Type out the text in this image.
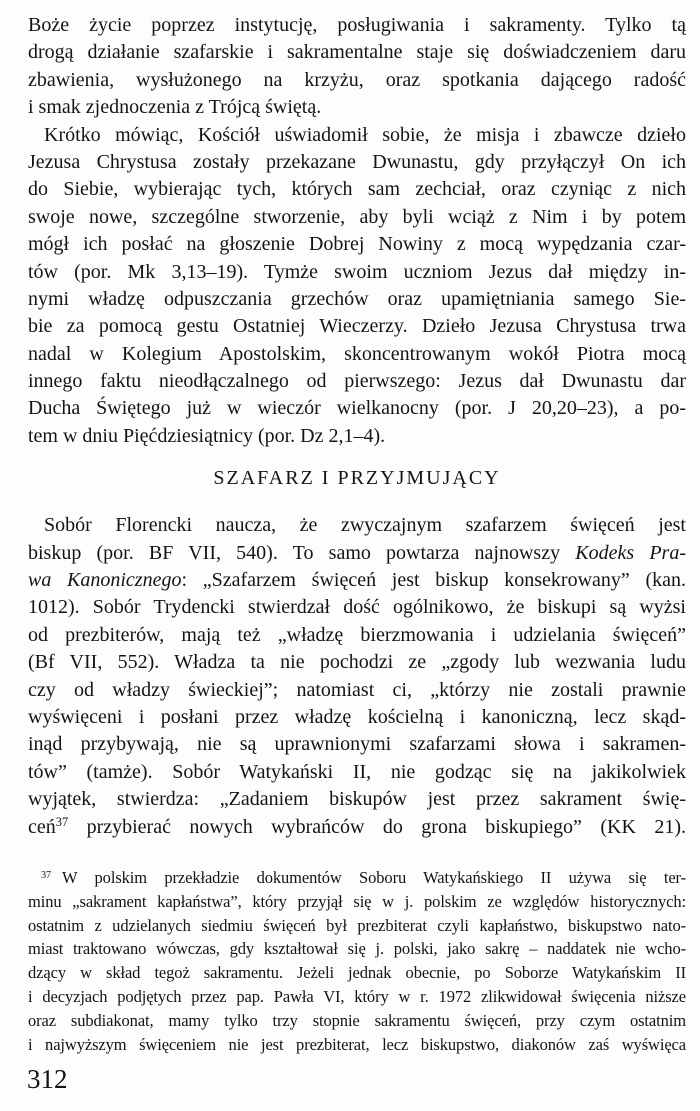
Boże życie poprzez instytucję, posługiwania i sakramenty. Tylko tą
drogą działanie szafarskie i sakramentalne staje się doświadczeniem daru
zbawienia, wysłużonego na krzyżu, oraz spotkania dającego radość
i smak zjednoczenia z Trójcą świętą.
Krótko mówiąc, Kościół uświadomił sobie, że misja i zbawcze dzieło
Jezusa Chrystusa zostały przekazane Dwunastu, gdy przyłączył On ich
do Siebie, wybierając tych, których sam zechciał, oraz czyniąc z nich
swoje nowe, szczególne stworzenie, aby byli wciąż z Nim i by potem
mógł ich posłać na głoszenie Dobrej Nowiny z mocą wypędzania czar-
tów (por. Mk 3,13–19). Tymże swoim uczniom Jezus dał między in-
nymi władzę odpuszczania grzechów oraz upamiętniania samego Sie-
bie za pomocą gestu Ostatniej Wieczerzy. Dzieło Jezusa Chrystusa trwa
nadal w Kolegium Apostolskim, skoncentrowanym wokół Piotra mocą
innego faktu nieodłączalnego od pierwszego: Jezus dał Dwunastu dar
Ducha Świętego już w wieczór wielkanocny (por. J 20,20–23), a po-
tem w dniu Pięćdziesiątnicy (por. Dz 2,1–4).
SZAFARZ I PRZYJMUJĄCY
Sobór Florencki naucza, że zwyczajnym szafarzem święceń jest
biskup (por. BF VII, 540). To samo powtarza najnowszy Kodeks Pra-
wa Kanonicznego: „Szafarzem święceń jest biskup konsekrowany” (kan.
1012). Sobór Trydencki stwierdzał dość ogólnikowo, że biskupi są wyżsi
od prezbiterów, mają też „władzę bierzmowania i udzielania święceń”
(Bf VII, 552). Władza ta nie pochodzi ze „zgody lub wezwania ludu
czy od władzy świeckiej”; natomiast ci, „którzy nie zostali prawnie
wyświęceni i posłani przez władzę kościelną i kanoniczną, lecz skąd-
inąd przybywają, nie są uprawnionymi szafarzami słowa i sakramen-
tów” (tamże). Sobór Watykański II, nie godząc się na jakikolwiek
wyjątek, stwierdza: „Zadaniem biskupów jest przez sakrament świę-
ceń$^{37}$ przybierać nowych wybrańców do grona biskupiego” (KK 21).
$^{37}$ W polskim przekładzie dokumentów Soboru Watykańskiego II używa się ter-
minu „sakrament kapłaństwa”, który przyjął się w j. polskim ze względów historycznych:
ostatnim z udzielanych siedmiu święceń był prezbiterat czyli kapłaństwo, biskupstwo nato-
miast traktowano wówczas, gdy kształtował się j. polski, jako sakrę – naddatek nie wcho-
dzący w skład tegoż sakramentu. Jeżeli jednak obecnie, po Soborze Watykańskim II
i decyzjach podjętych przez pap. Pawła VI, który w r. 1972 zlikwidował święcenia niższe
oraz subdiakonat, mamy tylko trzy stopnie sakramentu święceń, przy czym ostatnim
i najwyższym święceniem nie jest prezbiterat, lecz biskupstwo, diakonów zaś wyświęca
312
